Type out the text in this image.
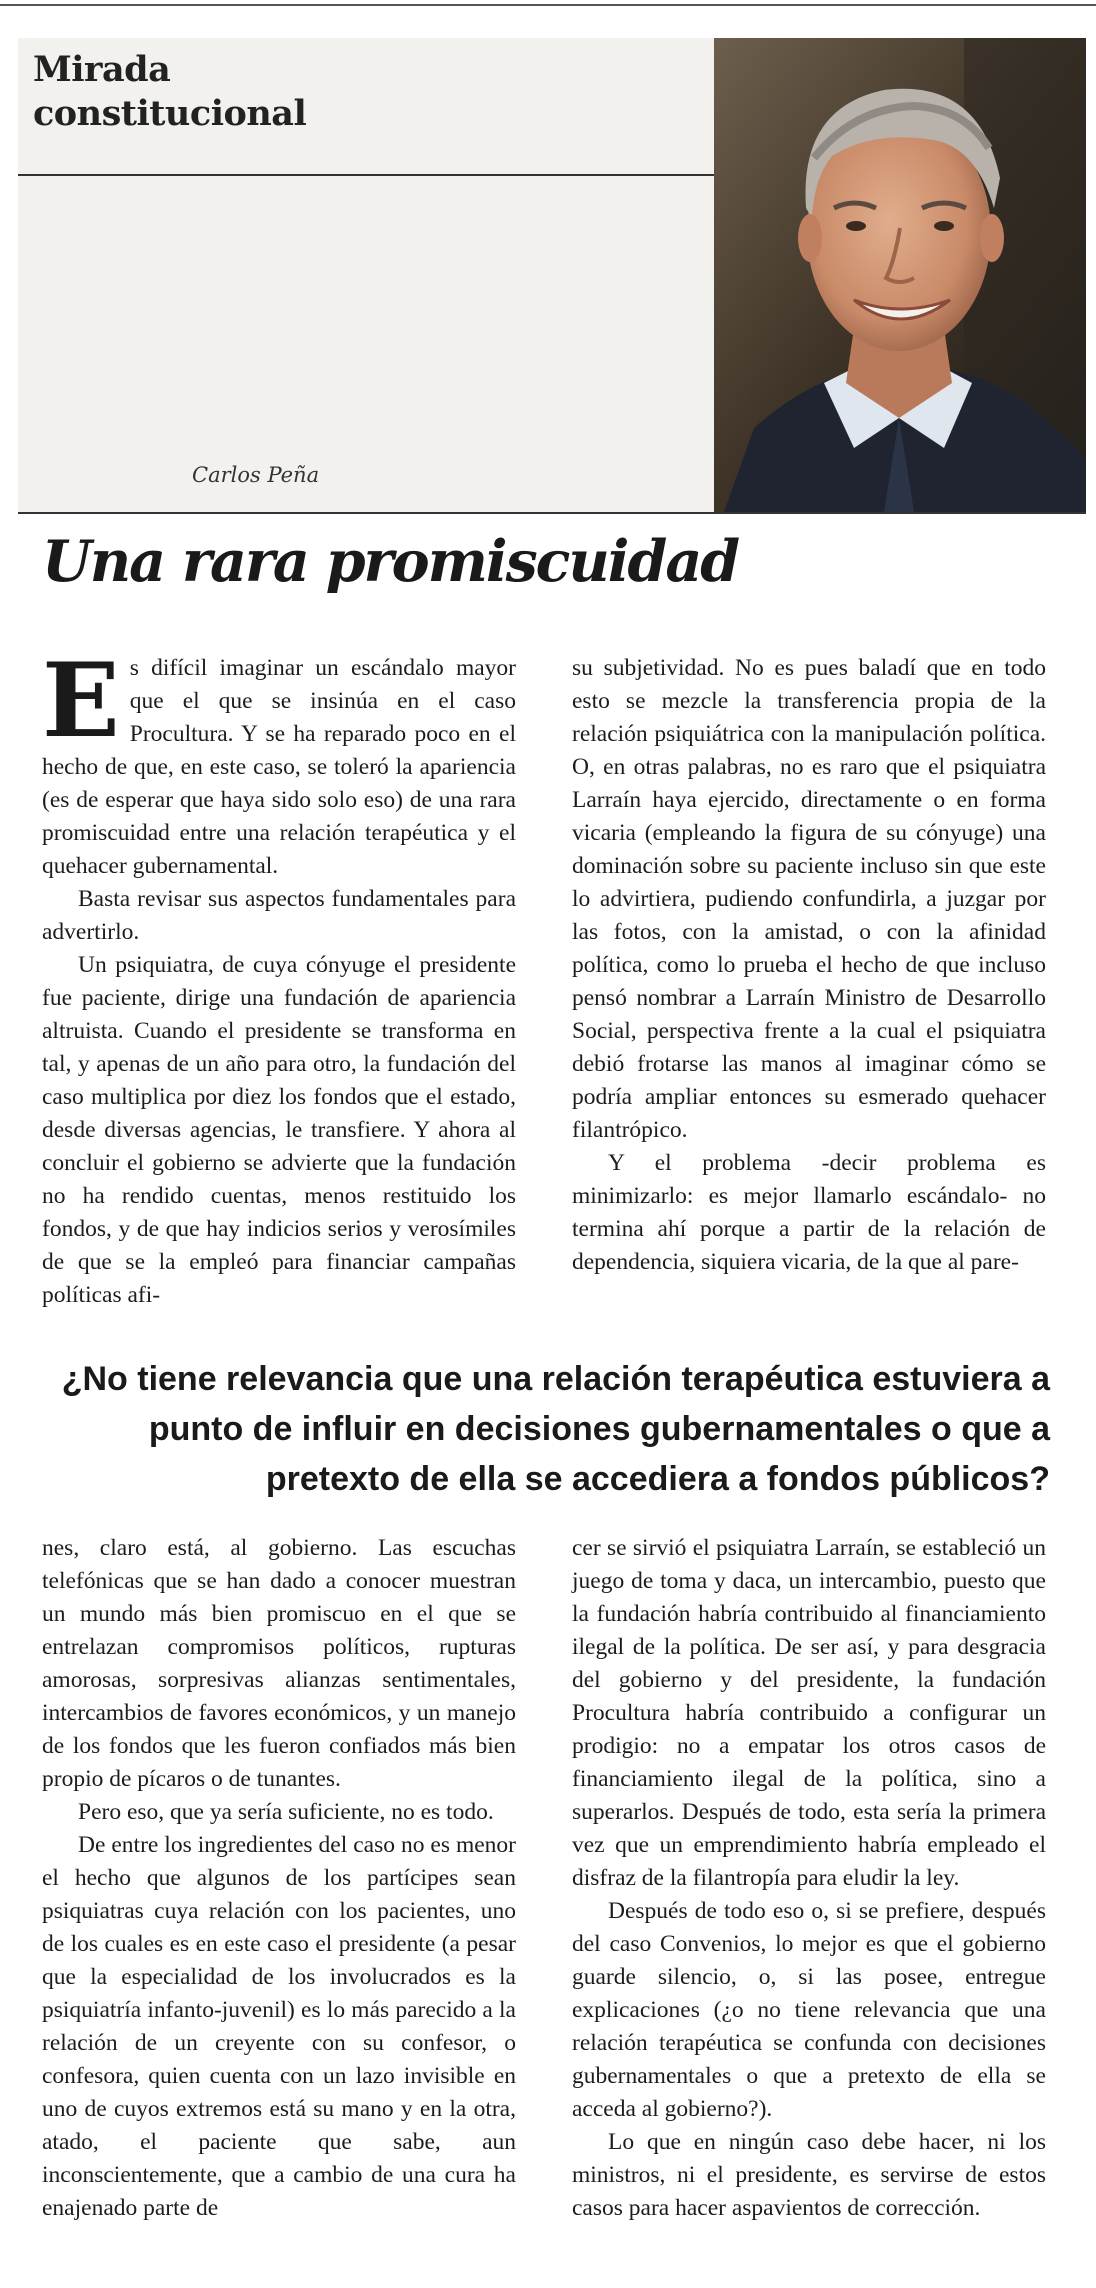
Mirada
constitucional

Carlos Peña

Una rara promiscuidad

Es difícil imaginar un escándalo mayor que el que se insinúa en el caso Procultura. Y se ha reparado poco en el hecho de que, en este caso, se toleró la apariencia (es de esperar que haya sido solo eso) de una rara promiscuidad entre una relación terapéutica y el quehacer gubernamental.

Basta revisar sus aspectos fundamentales para advertirlo.

Un psiquiatra, de cuya cónyuge el presidente fue paciente, dirige una fundación de apariencia altruista. Cuando el presidente se transforma en tal, y apenas de un año para otro, la fundación del caso multiplica por diez los fondos que el estado, desde diversas agencias, le transfiere. Y ahora al concluir el gobierno se advierte que la fundación no ha rendido cuentas, menos restituido los fondos, y de que hay indicios serios y verosímiles de que se la empleó para financiar campañas políticas afi-

su subjetividad. No es pues baladí que en todo esto se mezcle la transferencia propia de la relación psiquiátrica con la manipulación política. O, en otras palabras, no es raro que el psiquiatra Larraín haya ejercido, directamente o en forma vicaria (empleando la figura de su cónyuge) una dominación sobre su paciente incluso sin que este lo advirtiera, pudiendo confundirla, a juzgar por las fotos, con la amistad, o con la afinidad política, como lo prueba el hecho de que incluso pensó nombrar a Larraín Ministro de Desarrollo Social, perspectiva frente a la cual el psiquiatra debió frotarse las manos al imaginar cómo se podría ampliar entonces su esmerado quehacer filantrópico.

Y el problema -decir problema es minimizarlo: es mejor llamarlo escándalo- no termina ahí porque a partir de la relación de dependencia, siquiera vicaria, de la que al pare-

¿No tiene relevancia que una relación terapéutica estuviera a
punto de influir en decisiones gubernamentales o que a
pretexto de ella se accediera a fondos públicos?

nes, claro está, al gobierno. Las escuchas telefónicas que se han dado a conocer muestran un mundo más bien promiscuo en el que se entrelazan compromisos políticos, rupturas amorosas, sorpresivas alianzas sentimentales, intercambios de favores económicos, y un manejo de los fondos que les fueron confiados más bien propio de pícaros o de tunantes.

Pero eso, que ya sería suficiente, no es todo.

De entre los ingredientes del caso no es menor el hecho que algunos de los partícipes sean psiquiatras cuya relación con los pacientes, uno de los cuales es en este caso el presidente (a pesar que la especialidad de los involucrados es la psiquiatría infanto-juvenil) es lo más parecido a la relación de un creyente con su confesor, o confesora, quien cuenta con un lazo invisible en uno de cuyos extremos está su mano y en la otra, atado, el paciente que sabe, aun inconscientemente, que a cambio de una cura ha enajenado parte de

cer se sirvió el psiquiatra Larraín, se estableció un juego de toma y daca, un intercambio, puesto que la fundación habría contribuido al financiamiento ilegal de la política. De ser así, y para desgracia del gobierno y del presidente, la fundación Procultura habría contribuido a configurar un prodigio: no a empatar los otros casos de financiamiento ilegal de la política, sino a superarlos. Después de todo, esta sería la primera vez que un emprendimiento habría empleado el disfraz de la filantropía para eludir la ley.

Después de todo eso o, si se prefiere, después del caso Convenios, lo mejor es que el gobierno guarde silencio, o, si las posee, entregue explicaciones (¿o no tiene relevancia que una relación terapéutica se confunda con decisiones gubernamentales o que a pretexto de ella se acceda al gobierno?).

Lo que en ningún caso debe hacer, ni los ministros, ni el presidente, es servirse de estos casos para hacer aspavientos de corrección.
